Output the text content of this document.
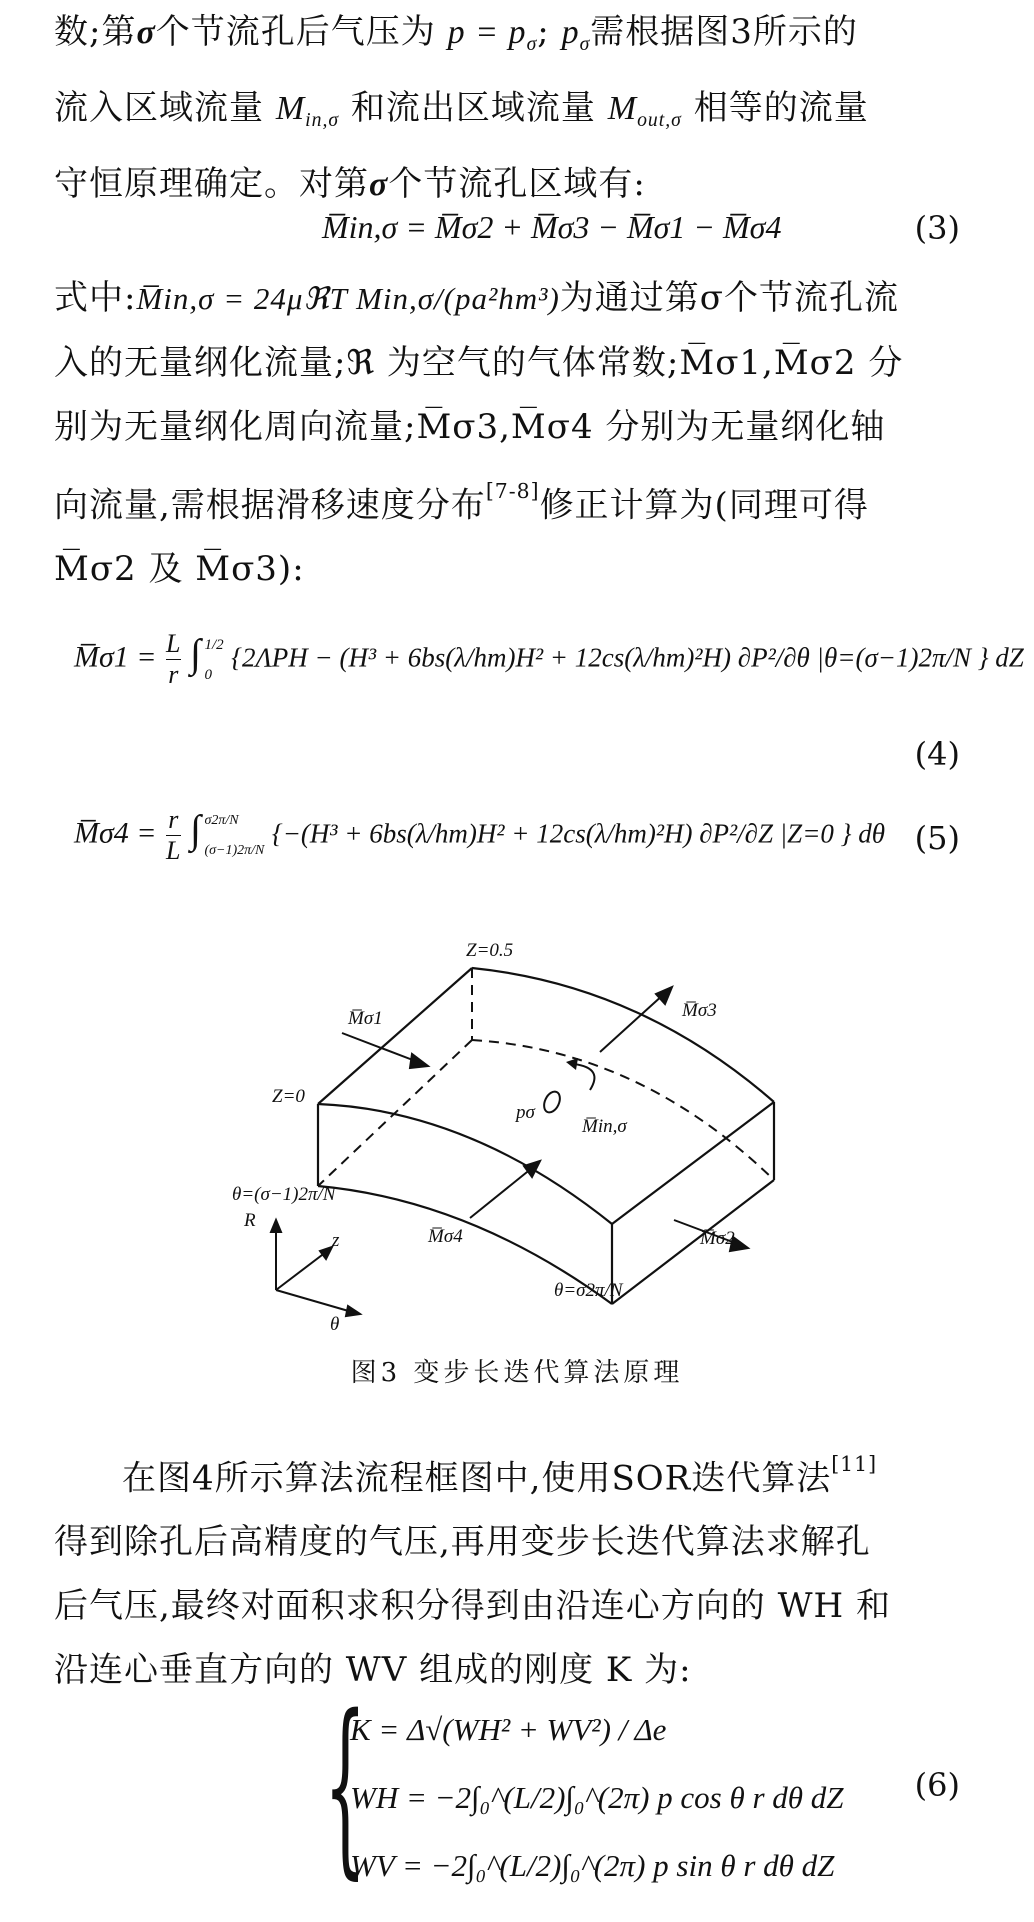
数;第σ个节流孔后气压为 $p = p_\sigma$; $p_\sigma$需根据图3所示的
流入区域流量 $M_{in,\sigma}$ 和流出区域流量 $M_{out,\sigma}$ 相等的流量
守恒原理确定。对第σ个节流孔区域有:
M̅in,σ = M̅σ2 + M̅σ3 − M̅σ1 − M̅σ4	(3)
式中:M̅in,σ = 24μℜT Min,σ/(pa²hm³)为通过第σ个节流孔流
入的无量纲化流量;ℜ 为空气的气体常数;M̅σ1,M̅σ2 分
别为无量纲化周向流量;M̅σ3,M̅σ4 分别为无量纲化轴
向流量,需根据滑移速度分布[7-8]修正计算为(同理可得
M̅σ2 及 M̅σ3):
M̅σ1 = $\frac{L}{r}$ ∫ 1/2
0
{2ΛPH − (H³ + 6bs(λ/hm)H² + 12cs(λ/hm)²H) ∂P²/∂θ |θ=(σ−1)2π/N } dZ
(4)
M̅σ4 = $\frac{r}{L}$ ∫ σ2π/N
(σ−1)2π/N
{−(H³ + 6bs(λ/hm)H² + 12cs(λ/hm)²H) ∂P²/∂Z |Z=0 } dθ (5)
Z=0.5
Z=0
θ=(σ−1)2π/N
θ=σ2π/N
R
z
θ
pσ
M̅in,σ
M̅σ1
M̅σ2
M̅σ3
M̅σ4
图3 变步长迭代算法原理
在图4所示算法流程框图中,使用SOR迭代算法[11]
得到除孔后高精度的气压,再用变步长迭代算法求解孔
后气压,最终对面积求积分得到由沿连心方向的 WH 和
沿连心垂直方向的 WV 组成的刚度 K 为:
{
K = Δ√(WH² + WV²) / Δe
WH = −2∫₀^(L/2)∫₀^(2π) p cos θ r dθ dZ
WV = −2∫₀^(L/2)∫₀^(2π) p sin θ r dθ dZ
(6)
